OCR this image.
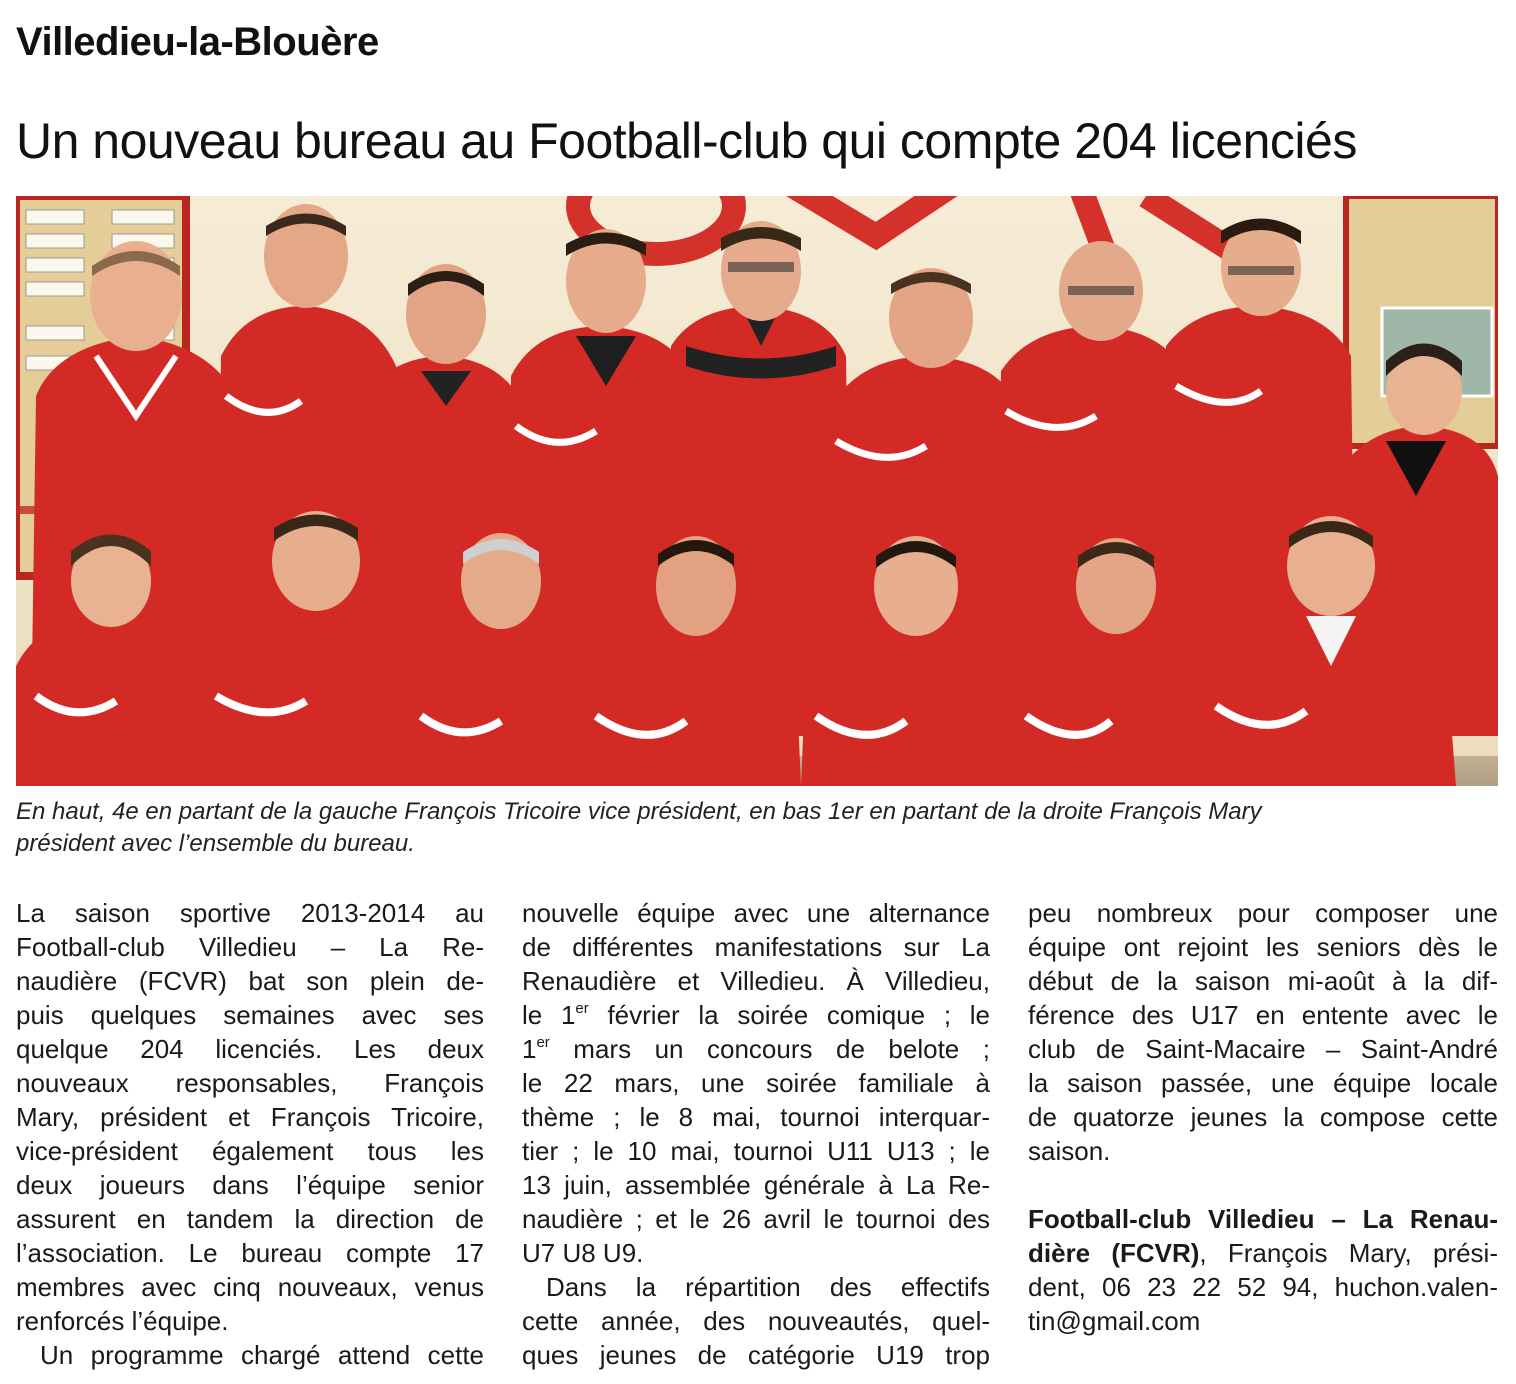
Villedieu-la-Blouère
Un nouveau bureau au Football-club qui compte 204 licenciés
En haut, 4e en partant de la gauche François Tricoire vice président, en bas 1er en partant de la droite François Mary
président avec l’ensemble du bureau.
La saison sportive 2013-2014 au
Football-club Villedieu – La Re-
naudière (FCVR) bat son plein de-
puis quelques semaines avec ses
quelque 204 licenciés. Les deux
nouveaux responsables, François
Mary, président et François Tricoire,
vice-président également tous les
deux joueurs dans l’équipe senior
assurent en tandem la direction de
l’association. Le bureau compte 17
membres avec cinq nouveaux, venus
renforcés l’équipe.
Un programme chargé attend cette
nouvelle équipe avec une alternance
de différentes manifestations sur La
Renaudière et Villedieu. À Villedieu,
le 1er février la soirée comique ; le
1er mars un concours de belote ;
le 22 mars, une soirée familiale à
thème ; le 8 mai, tournoi interquar-
tier ; le 10 mai, tournoi U11 U13 ; le
13 juin, assemblée générale à La Re-
naudière ; et le 26 avril le tournoi des
U7 U8 U9.
Dans la répartition des effectifs
cette année, des nouveautés, quel-
ques jeunes de catégorie U19 trop
peu nombreux pour composer une
équipe ont rejoint les seniors dès le
début de la saison mi-août à la dif-
férence des U17 en entente avec le
club de Saint-Macaire – Saint-André
la saison passée, une équipe locale
de quatorze jeunes la compose cette
saison.
Football-club Villedieu – La Renau-
dière (FCVR), François Mary, prési-
dent, 06 23 22 52 94, huchon.valen-
tin@gmail.com
